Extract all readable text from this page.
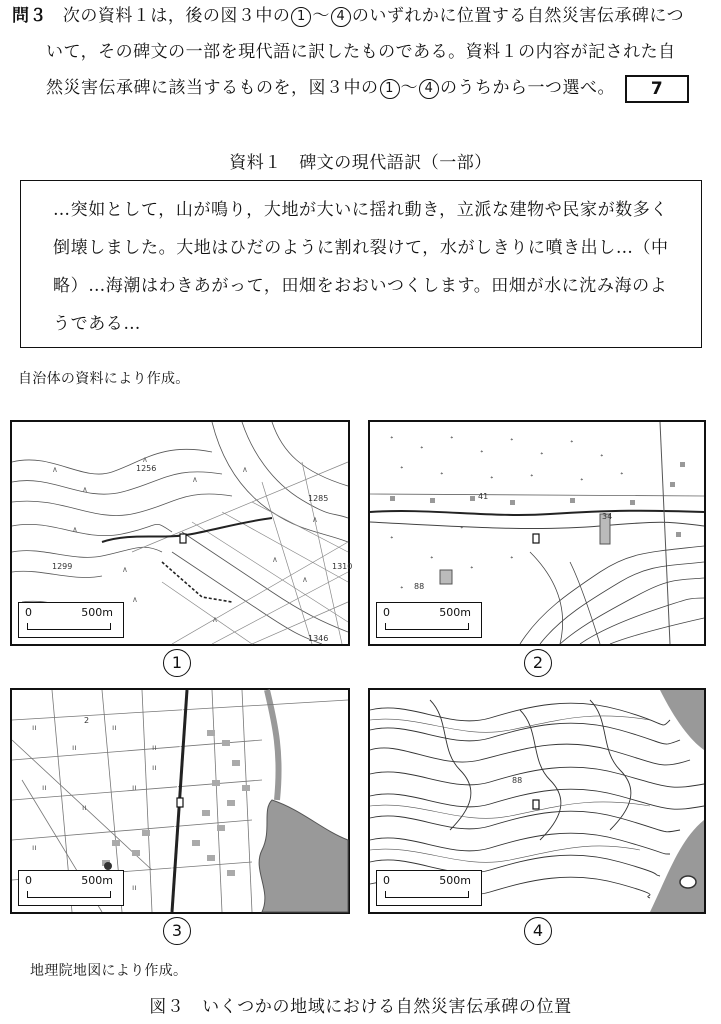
問３ 次の資料１は，後の図３中の 1 〜 4 のいずれかに位置する自然災害伝承碑につ
いて，その碑文の一部を現代語に訳したものである。資料１の内容が記された自
然災害伝承碑に該当するものを，図３中の 1 〜 4 のうちから一つ選べ。 7
資料１　碑文の現代語訳（一部）
…突如として，山が鳴り，大地が大いに揺れ動き，立派な建物や民家が数多く
倒壊しました。大地はひだのように割れ裂けて，水がしきりに噴き出し…（中
略）…海潮はわきあがって，田畑をおおいつくします。田畑が水に沈み海のよ
うである…
自治体の資料により作成。
∧
∧
∧
∧
∧
∧
∧
∧
∧
∧
∧
∧
1256
1285
1310
1346
1299
0	500m
1
ᐩ
ᐩ
ᐩ
ᐩ
ᐩ
ᐩ
ᐩ
ᐩ
ᐩ
ᐩ	ᐩ	ᐩ	ᐩ
ᐩ
ᐩ
ᐩ
ᐩ
ᐩ
ᐩ
ᐩ
41
88
34
0	500m
2
ıı
ıı
ıı
ıı
ıı
ıı
ıı
ıı
ıı
ıı
2
0	500m
3
88
0	500m
4
地理院地図により作成。
図３　いくつかの地域における自然災害伝承碑の位置
